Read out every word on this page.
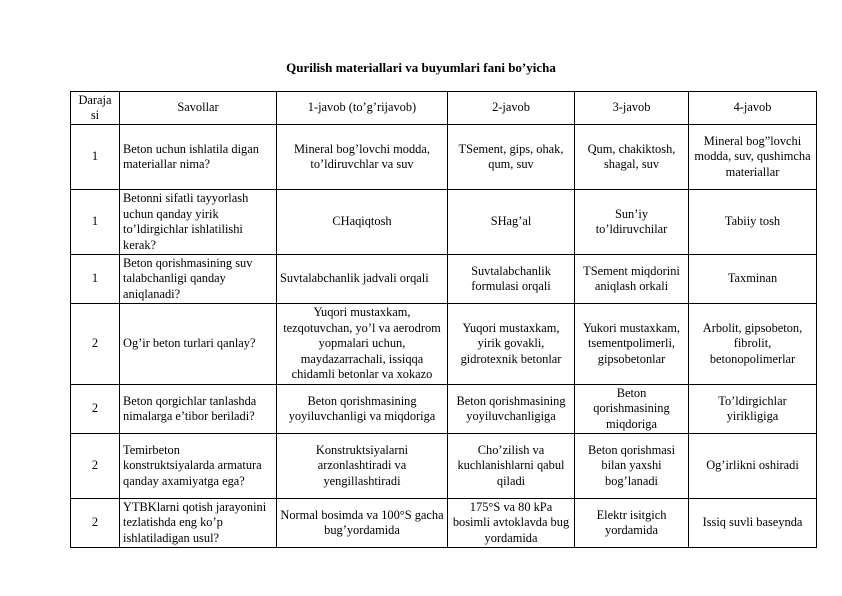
Qurilish materiallari va buyumlari fani bo’yicha
Daraja si	Savollar	1-javob (to’g’rijavob)	2-javob	3-javob	4-javob
1	Beton uchun ishlatila digan materiallar nima?	Mineral bog’lovchi modda, to’ldiruvchlar va suv	TSement, gips, ohak, qum, suv	Qum, chakiktosh, shagal, suv	Mineral bog”lovchi modda, suv, qushimcha materiallar
1	Betonni sifatli tayyorlash uchun qanday yirik to’ldirgichlar ishlatilishi kerak?	CHaqiqtosh	SHag’al	Sun’iy to’ldiruvchilar	Tabiiy tosh
1	Beton qorishmasining suv talabchanligi qanday aniqlanadi?	Suvtalabchanlik jadvali orqali	Suvtalabchanlik formulasi orqali	TSement miqdorini aniqlash orkali	Taxminan
2	Og’ir beton turlari qanlay?	Yuqori mustaxkam, tezqotuvchan, yo’l va aerodrom yopmalari uchun, maydazarrachali, issiqqa chidamli betonlar va xokazo	Yuqori mustaxkam, yirik govakli, gidrotexnik betonlar	Yukori mustaxkam, tsementpolimerli, gipsobetonlar	Arbolit, gipsobeton, fibrolit, betonopolimerlar
2	Beton qorgichlar tanlashda nimalarga e’tibor beriladi?	Beton qorishmasining yoyiluvchanligi va miqdoriga	Beton qorishmasining yoyiluvchanligiga	Beton qorishmasining miqdoriga	To’ldirgichlar yirikligiga
2	Temirbeton konstruktsiyalarda armatura qanday axamiyatga ega?	Konstruktsiyalarni arzonlashtiradi va yengillashtiradi	Cho’zilish va kuchlanishlarni qabul qiladi	Beton qorishmasi bilan yaxshi bog’lanadi	Og’irlikni oshiradi
2	YTBKlarni qotish jarayonini tezlatishda eng ko’p ishlatiladigan usul?	Normal bosimda va 100°S gacha bug’yordamida	175°S va 80 kPa bosimli avtoklavda bug yordamida	Elektr isitgich yordamida	Issiq suvli baseynda
